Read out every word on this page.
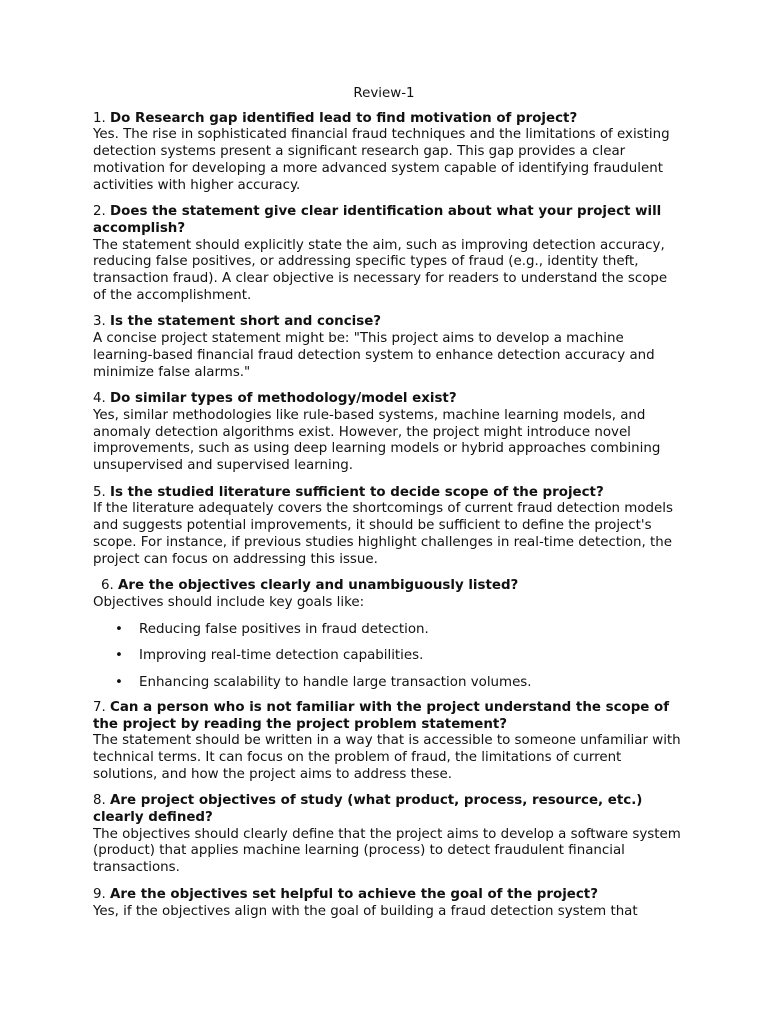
Review-1
1. Do Research gap identified lead to find motivation of project?
Yes. The rise in sophisticated financial fraud techniques and the limitations of existing detection systems present a significant research gap. This gap provides a clear motivation for developing a more advanced system capable of identifying fraudulent activities with higher accuracy.
2. Does the statement give clear identification about what your project will accomplish?
The statement should explicitly state the aim, such as improving detection accuracy, reducing false positives, or addressing specific types of fraud (e.g., identity theft, transaction fraud). A clear objective is necessary for readers to understand the scope of the accomplishment.
3. Is the statement short and concise?
A concise project statement might be: "This project aims to develop a machine learning-based financial fraud detection system to enhance detection accuracy and minimize false alarms."
4. Do similar types of methodology/model exist?
Yes, similar methodologies like rule-based systems, machine learning models, and anomaly detection algorithms exist. However, the project might introduce novel improvements, such as using deep learning models or hybrid approaches combining unsupervised and supervised learning.
5. Is the studied literature sufficient to decide scope of the project?
If the literature adequately covers the shortcomings of current fraud detection models and suggests potential improvements, it should be sufficient to define the project's scope. For instance, if previous studies highlight challenges in real-time detection, the project can focus on addressing this issue.
6. Are the objectives clearly and unambiguously listed?
Objectives should include key goals like:
• Reducing false positives in fraud detection.
• Improving real-time detection capabilities.
• Enhancing scalability to handle large transaction volumes.
7. Can a person who is not familiar with the project understand the scope of the project by reading the project problem statement?
The statement should be written in a way that is accessible to someone unfamiliar with technical terms. It can focus on the problem of fraud, the limitations of current solutions, and how the project aims to address these.
8. Are project objectives of study (what product, process, resource, etc.) clearly defined?
The objectives should clearly define that the project aims to develop a software system (product) that applies machine learning (process) to detect fraudulent financial transactions.
9. Are the objectives set helpful to achieve the goal of the project?
Yes, if the objectives align with the goal of building a fraud detection system that
